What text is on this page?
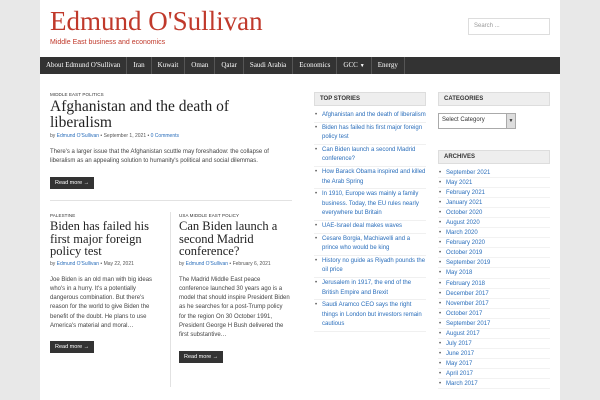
Edmund O'Sullivan
Middle East business and economics
Search ...
About Edmund O'Sullivan	Iran	Kuwait	Oman	Qatar	Saudi Arabia	Economics	GCC ▼	Energy
MIDDLE EAST POLITICS
Afghanistan and the death of liberalism
by Edmund O'Sullivan • September 1, 2021 • 0 Comments
There's a larger issue that the Afghanistan scuttle may foreshadow: the collapse of liberalism as an appealing solution to humanity's political and social dilemmas.
Read more →
PALESTINE
Biden has failed his first major foreign policy test
by Edmund O'Sullivan • May 22, 2021
Joe Biden is an old man with big ideas who's in a hurry. It's a potentially dangerous combination. But there's reason for the world to give Biden the benefit of the doubt. He plans to use America's material and moral…
Read more →
USA MIDDLE EAST POLICY
Can Biden launch a second Madrid conference?
by Edmund O'Sullivan • February 6, 2021
The Madrid Middle East peace conference launched 30 years ago is a model that should inspire President Biden as he searches for a post-Trump policy for the region On 30 October 1991, President George H Bush delivered the first substantive…
Read more →
TOP STORIES
• Afghanistan and the death of liberalism
• Biden has failed his first major foreign policy test
• Can Biden launch a second Madrid conference?
• How Barack Obama inspired and killed the Arab Spring
• In 1910, Europe was mainly a family business. Today, the EU rules nearly everywhere but Britain
• UAE-Israel deal makes waves
• Cesare Borgia, Machiavelli and a prince who would be king
• History no guide as Riyadh pounds the oil price
• Jerusalem in 1917, the end of the British Empire and Brexit
• Saudi Aramco CEO says the right things in London but investors remain cautious
CATEGORIES
Select Category	▼
ARCHIVES
• September 2021
• May 2021
• February 2021
• January 2021
• October 2020
• August 2020
• March 2020
• February 2020
• October 2019
• September 2019
• May 2018
• February 2018
• December 2017
• November 2017
• October 2017
• September 2017
• August 2017
• July 2017
• June 2017
• May 2017
• April 2017
• March 2017
